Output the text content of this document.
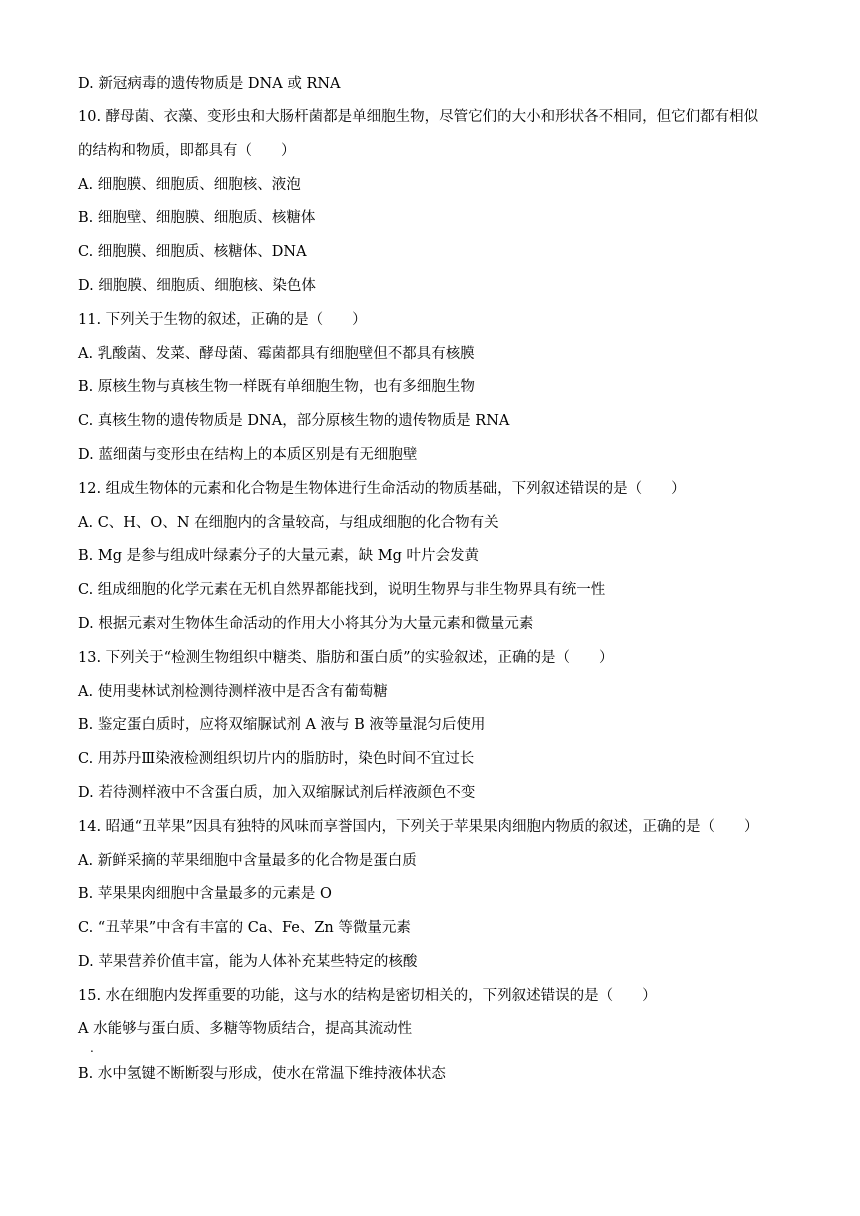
D. 新冠病毒的遗传物质是 DNA 或 RNA
10. 酵母菌、衣藻、变形虫和大肠杆菌都是单细胞生物，尽管它们的大小和形状各不相同，但它们都有相似
的结构和物质，即都具有（　　）
A. 细胞膜、细胞质、细胞核、液泡
B. 细胞壁、细胞膜、细胞质、核糖体
C. 细胞膜、细胞质、核糖体、DNA
D. 细胞膜、细胞质、细胞核、染色体
11. 下列关于生物的叙述，正确的是（　　）
A. 乳酸菌、发菜、酵母菌、霉菌都具有细胞壁但不都具有核膜
B. 原核生物与真核生物一样既有单细胞生物，也有多细胞生物
C. 真核生物的遗传物质是 DNA，部分原核生物的遗传物质是 RNA
D. 蓝细菌与变形虫在结构上的本质区别是有无细胞壁
12. 组成生物体的元素和化合物是生物体进行生命活动的物质基础，下列叙述错误的是（　　）
A. C、H、O、N 在细胞内的含量较高，与组成细胞的化合物有关
B. Mg 是参与组成叶绿素分子的大量元素，缺 Mg 叶片会发黄
C. 组成细胞的化学元素在无机自然界都能找到，说明生物界与非生物界具有统一性
D. 根据元素对生物体生命活动的作用大小将其分为大量元素和微量元素
13. 下列关于“检测生物组织中糖类、脂肪和蛋白质”的实验叙述，正确的是（　　）
A. 使用斐林试剂检测待测样液中是否含有葡萄糖
B. 鉴定蛋白质时，应将双缩脲试剂 A 液与 B 液等量混匀后使用
C. 用苏丹Ⅲ染液检测组织切片内的脂肪时，染色时间不宜过长
D. 若待测样液中不含蛋白质，加入双缩脲试剂后样液颜色不变
14. 昭通“丑苹果”因具有独特的风味而享誉国内，下列关于苹果果肉细胞内物质的叙述，正确的是（　　）
A. 新鲜采摘的苹果细胞中含量最多的化合物是蛋白质
B. 苹果果肉细胞中含量最多的元素是 O
C. “丑苹果”中含有丰富的 Ca、Fe、Zn 等微量元素
D. 苹果营养价值丰富，能为人体补充某些特定的核酸
15. 水在细胞内发挥重要的功能，这与水的结构是密切相关的，下列叙述错误的是（　　）
A 水能够与蛋白质、多糖等物质结合，提高其流动性
.
B. 水中氢键不断断裂与形成，使水在常温下维持液体状态
